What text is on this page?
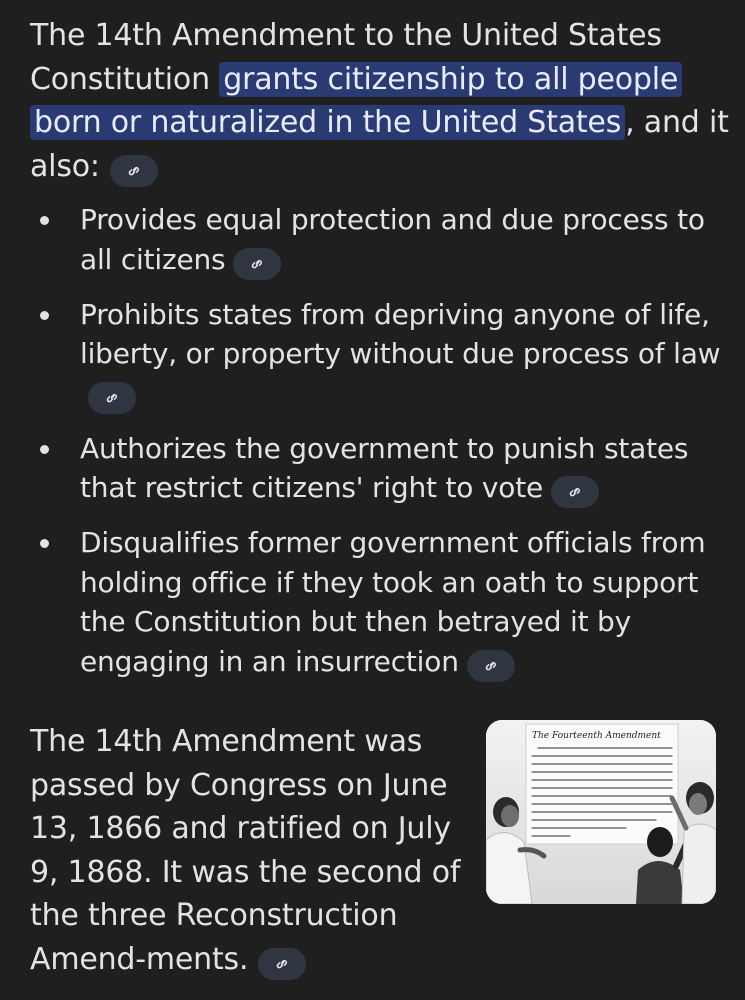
The 14th Amendment to the United States Constitution grants citizenship to all people born or naturalized in the United States , and it also:

Provides equal protection and due process to all citizens
Prohibits states from depriving anyone of life, liberty, or property without due process of law
Authorizes the government to punish states that restrict citizens' right to vote
Disqualifies former government officials from holding office if they took an oath to support the Constitution but then betrayed it by engaging in an insurrection

The 14th Amendment was passed by Congress on June 13, 1866 and ratified on July 9, 1868. It was the second of the three Reconstruction Amend-ments.

The Fourteenth Amendment
